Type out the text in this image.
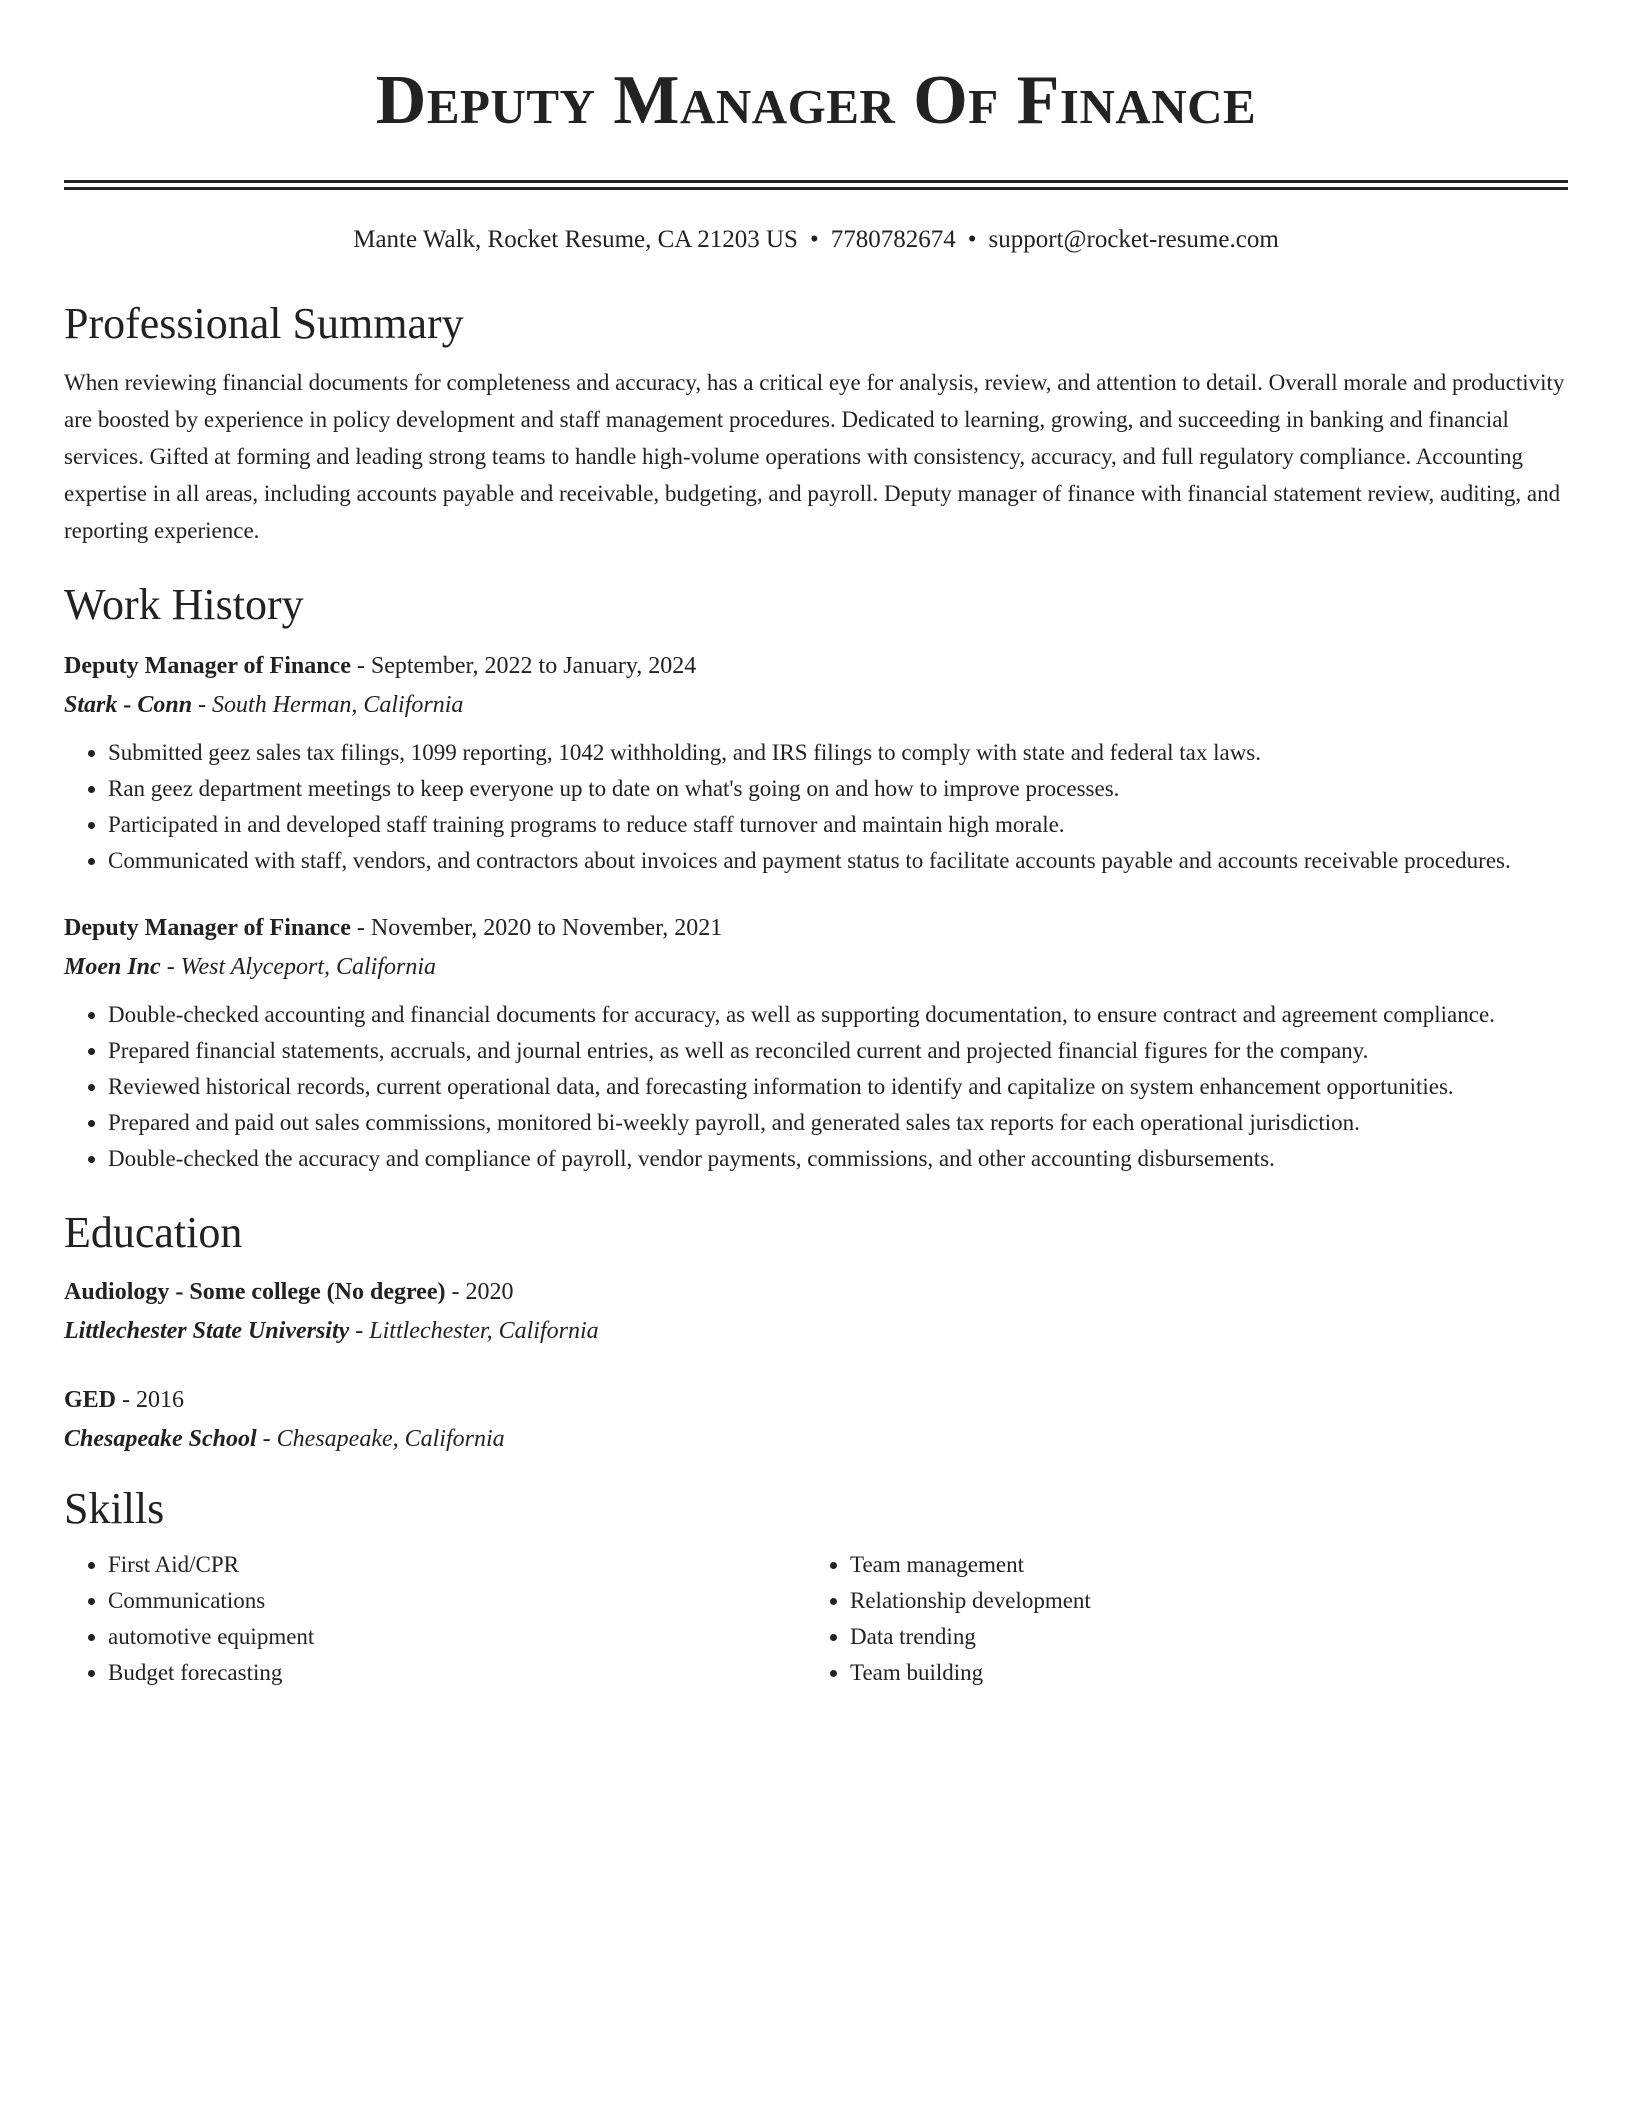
Deputy Manager Of Finance
Mante Walk, Rocket Resume, CA 21203 US • 7780782674 • support@rocket-resume.com
Professional Summary
When reviewing financial documents for completeness and accuracy, has a critical eye for analysis, review, and attention to detail. Overall morale and productivity are boosted by experience in policy development and staff management procedures. Dedicated to learning, growing, and succeeding in banking and financial services. Gifted at forming and leading strong teams to handle high-volume operations with consistency, accuracy, and full regulatory compliance. Accounting expertise in all areas, including accounts payable and receivable, budgeting, and payroll. Deputy manager of finance with financial statement review, auditing, and reporting experience.
Work History
Deputy Manager of Finance - September, 2022 to January, 2024
Stark - Conn - South Herman, California
• Submitted geez sales tax filings, 1099 reporting, 1042 withholding, and IRS filings to comply with state and federal tax laws.
• Ran geez department meetings to keep everyone up to date on what's going on and how to improve processes.
• Participated in and developed staff training programs to reduce staff turnover and maintain high morale.
• Communicated with staff, vendors, and contractors about invoices and payment status to facilitate accounts payable and accounts receivable procedures.
Deputy Manager of Finance - November, 2020 to November, 2021
Moen Inc - West Alyceport, California
• Double-checked accounting and financial documents for accuracy, as well as supporting documentation, to ensure contract and agreement compliance.
• Prepared financial statements, accruals, and journal entries, as well as reconciled current and projected financial figures for the company.
• Reviewed historical records, current operational data, and forecasting information to identify and capitalize on system enhancement opportunities.
• Prepared and paid out sales commissions, monitored bi-weekly payroll, and generated sales tax reports for each operational jurisdiction.
• Double-checked the accuracy and compliance of payroll, vendor payments, commissions, and other accounting disbursements.
Education
Audiology - Some college (No degree) - 2020
Littlechester State University - Littlechester, California
GED - 2016
Chesapeake School - Chesapeake, California
Skills
• First Aid/CPR
• Communications
• automotive equipment
• Budget forecasting
• Team management
• Relationship development
• Data trending
• Team building
